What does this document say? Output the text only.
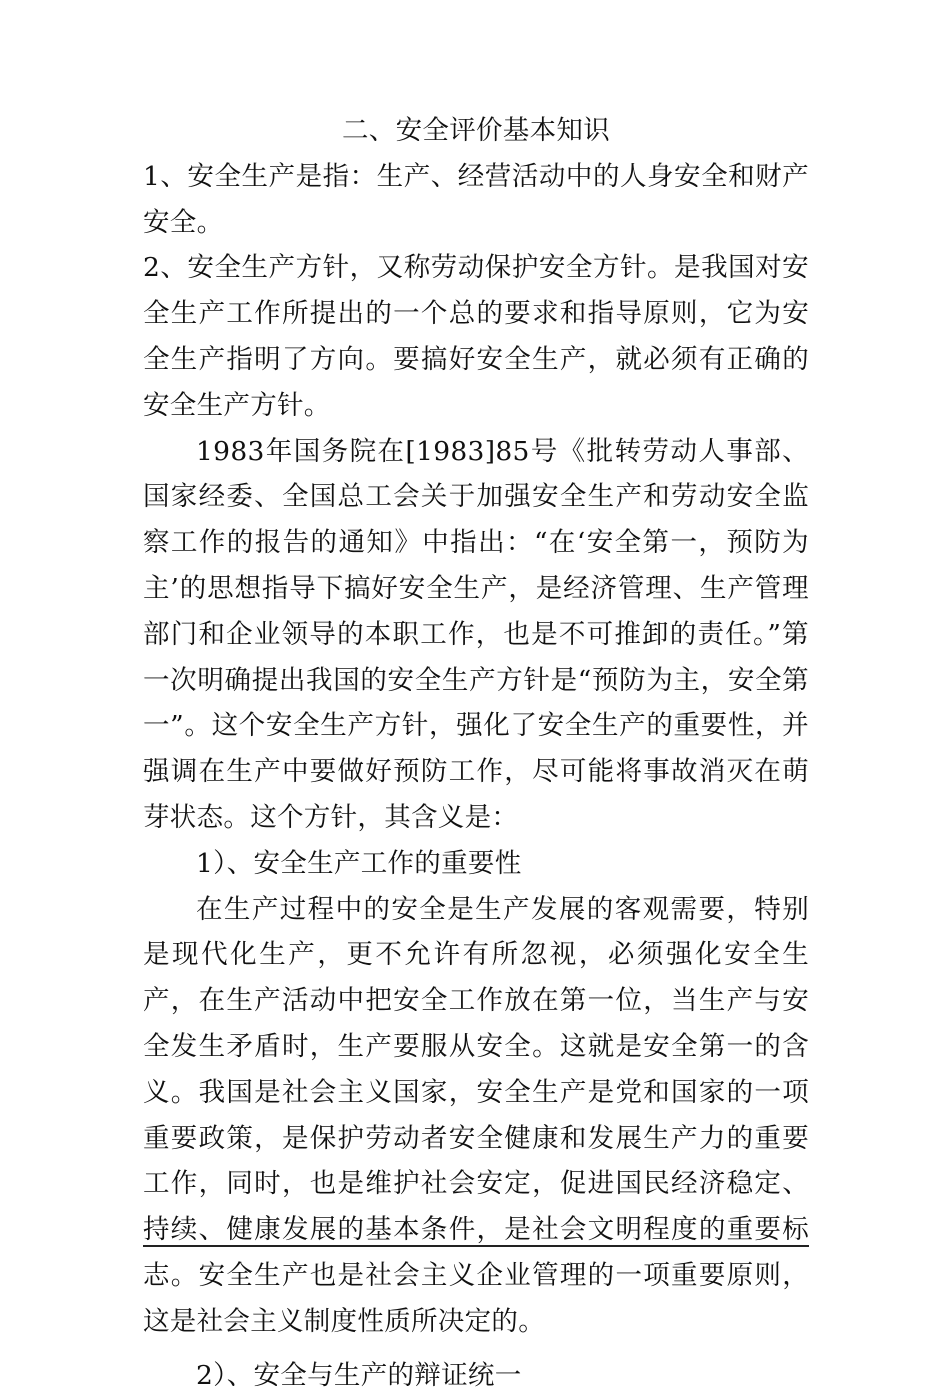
二、安全评价基本知识

1、安全生产是指：生产、经营活动中的人身安全和财产安全。

2、安全生产方针，又称劳动保护安全方针。是我国对安全生产工作所提出的一个总的要求和指导原则，它为安全生产指明了方向。要搞好安全生产，就必须有正确的安全生产方针。

1983年国务院在[1983]85号《批转劳动人事部、国家经委、全国总工会关于加强安全生产和劳动安全监察工作的报告的通知》中指出：“在‘安全第一，预防为主’的思想指导下搞好安全生产，是经济管理、生产管理部门和企业领导的本职工作，也是不可推卸的责任。”第一次明确提出我国的安全生产方针是“预防为主，安全第一”。这个安全生产方针，强化了安全生产的重要性，并强调在生产中要做好预防工作，尽可能将事故消灭在萌芽状态。这个方针，其含义是：

1）、安全生产工作的重要性

在生产过程中的安全是生产发展的客观需要，特别是现代化生产，更不允许有所忽视，必须强化安全生产，在生产活动中把安全工作放在第一位，当生产与安全发生矛盾时，生产要服从安全。这就是安全第一的含义。我国是社会主义国家，安全生产是党和国家的一项重要政策，是保护劳动者安全健康和发展生产力的重要工作，同时，也是维护社会安定，促进国民经济稳定、持续、健康发展的基本条件，是社会文明程度的重要标志。安全生产也是社会主义企业管理的一项重要原则，这是社会主义制度性质所决定的。

2）、安全与生产的辩证统一
